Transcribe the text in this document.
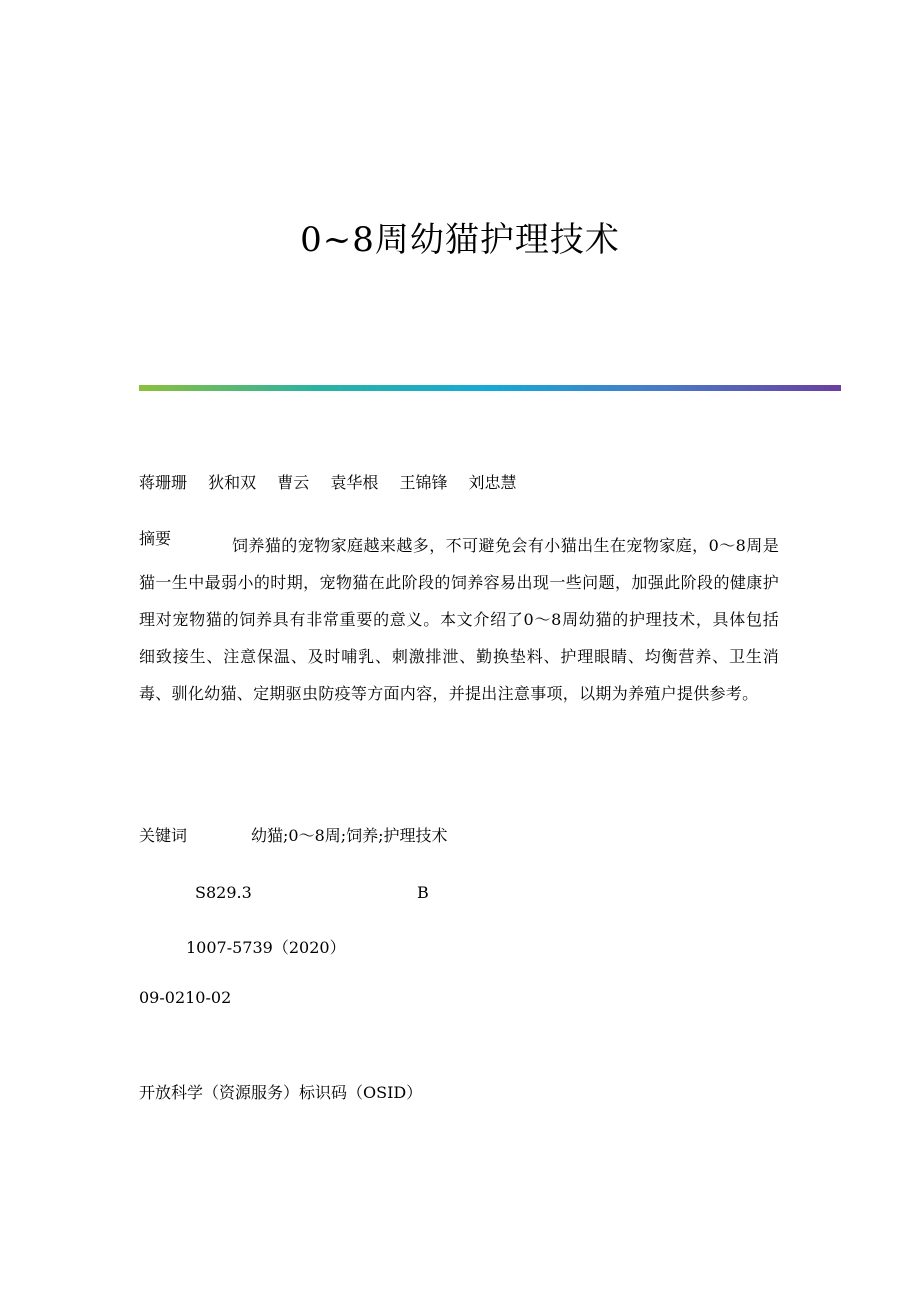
0~8周幼猫护理技术
蒋珊珊 狄和双 曹云 袁华根 王锦锋 刘忠慧
摘要	饲养猫的宠物家庭越来越多，不可避免会有小猫出生在宠物家庭，0～8周是猫一生中最弱小的时期，宠物猫在此阶段的饲养容易出现一些问题，加强此阶段的健康护理对宠物猫的饲养具有非常重要的意义。本文介绍了0～8周幼猫的护理技术，具体包括细致接生、注意保温、及时哺乳、刺激排泄、勤换垫料、护理眼睛、均衡营养、卫生消毒、驯化幼猫、定期驱虫防疫等方面内容，并提出注意事项，以期为养殖户提供参考。
关键词	幼猫;0～8周;饲养;护理技术
S829.3	B
1007-5739（2020）
09-0210-02
开放科学（资源服务）标识码（OSID）
